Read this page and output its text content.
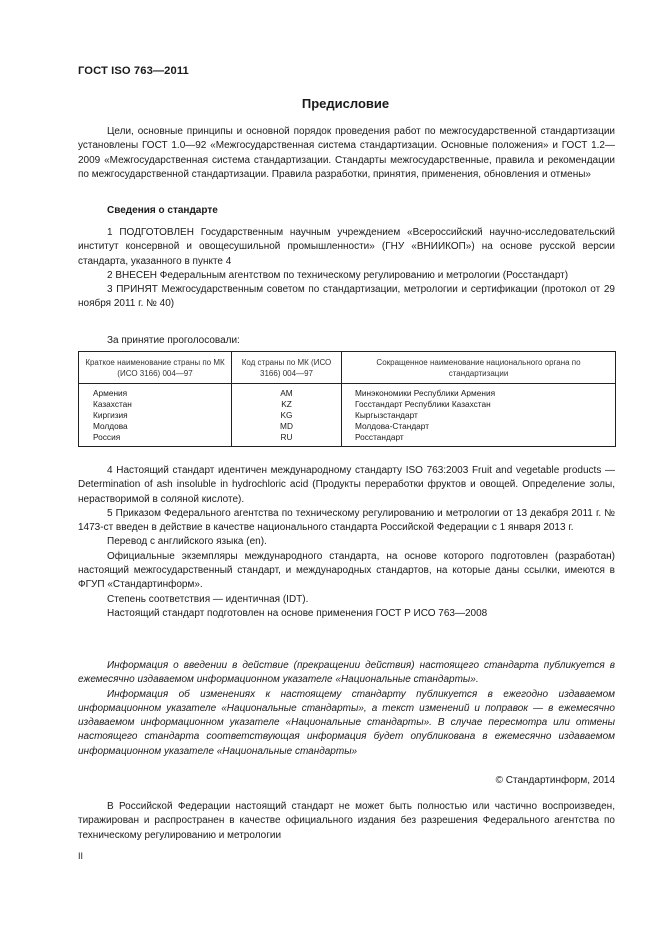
ГОСТ ISO 763—2011
Предисловие

Цели, основные принципы и основной порядок проведения работ по межгосударственной стандартизации установлены ГОСТ 1.0—92 «Межгосударственная система стандартизации. Основные положения» и ГОСТ 1.2—2009 «Межгосударственная система стандартизации. Стандарты межгосударственные, правила и рекомендации по межгосударственной стандартизации. Правила разработки, принятия, применения, обновления и отмены»

Сведения о стандарте

1 ПОДГОТОВЛЕН Государственным научным учреждением «Всероссийский научно-исследовательский институт консервной и овощесушильной промышленности» (ГНУ «ВНИИКОП») на основе русской версии стандарта, указанного в пункте 4

2 ВНЕСЕН Федеральным агентством по техническому регулированию и метрологии (Росстандарт)

3 ПРИНЯТ Межгосударственным советом по стандартизации, метрологии и сертификации (протокол от 29 ноября 2011 г. № 40)

За принятие проголосовали:
Краткое наименование страны по МК (ИСО 3166) 004—97	Код страны по МК (ИСО 3166) 004—97	Сокращенное наименование национального органа по стандартизации
Армения	AM	Минэкономики Республики Армения
Казахстан	KZ	Госстандарт Республики Казахстан
Киргизия	KG	Кыргызстандарт
Молдова	MD	Молдова-Стандарт
Россия	RU	Росстандарт

4 Настоящий стандарт идентичен международному стандарту ISO 763:2003 Fruit and vegetable products — Determination of ash insoluble in hydrochloric acid (Продукты переработки фруктов и овощей. Определение золы, нерастворимой в соляной кислоте).

5 Приказом Федерального агентства по техническому регулированию и метрологии от 13 декабря 2011 г. № 1473-ст введен в действие в качестве национального стандарта Российской Федерации с 1 января 2013 г.

Перевод с английского языка (en).

Официальные экземпляры международного стандарта, на основе которого подготовлен (разработан) настоящий межгосударственный стандарт, и международных стандартов, на которые даны ссылки, имеются в ФГУП «Стандартинформ».

Степень соответствия — идентичная (IDT).

Настоящий стандарт подготовлен на основе применения ГОСТ Р ИСО 763—2008

Информация о введении в действие (прекращении действия) настоящего стандарта публикуется в ежемесячно издаваемом информационном указателе «Национальные стандарты».

Информация об изменениях к настоящему стандарту публикуется в ежегодно издаваемом информационном указателе «Национальные стандарты», а текст изменений и поправок — в ежемесячно издаваемом информационном указателе «Национальные стандарты». В случае пересмотра или отмены настоящего стандарта соответствующая информация будет опубликована в ежемесячно издаваемом информационном указателе «Национальные стандарты»

© Стандартинформ, 2014

В Российской Федерации настоящий стандарт не может быть полностью или частично воспроизведен, тиражирован и распространен в качестве официального издания без разрешения Федерального агентства по техническому регулированию и метрологии

II
